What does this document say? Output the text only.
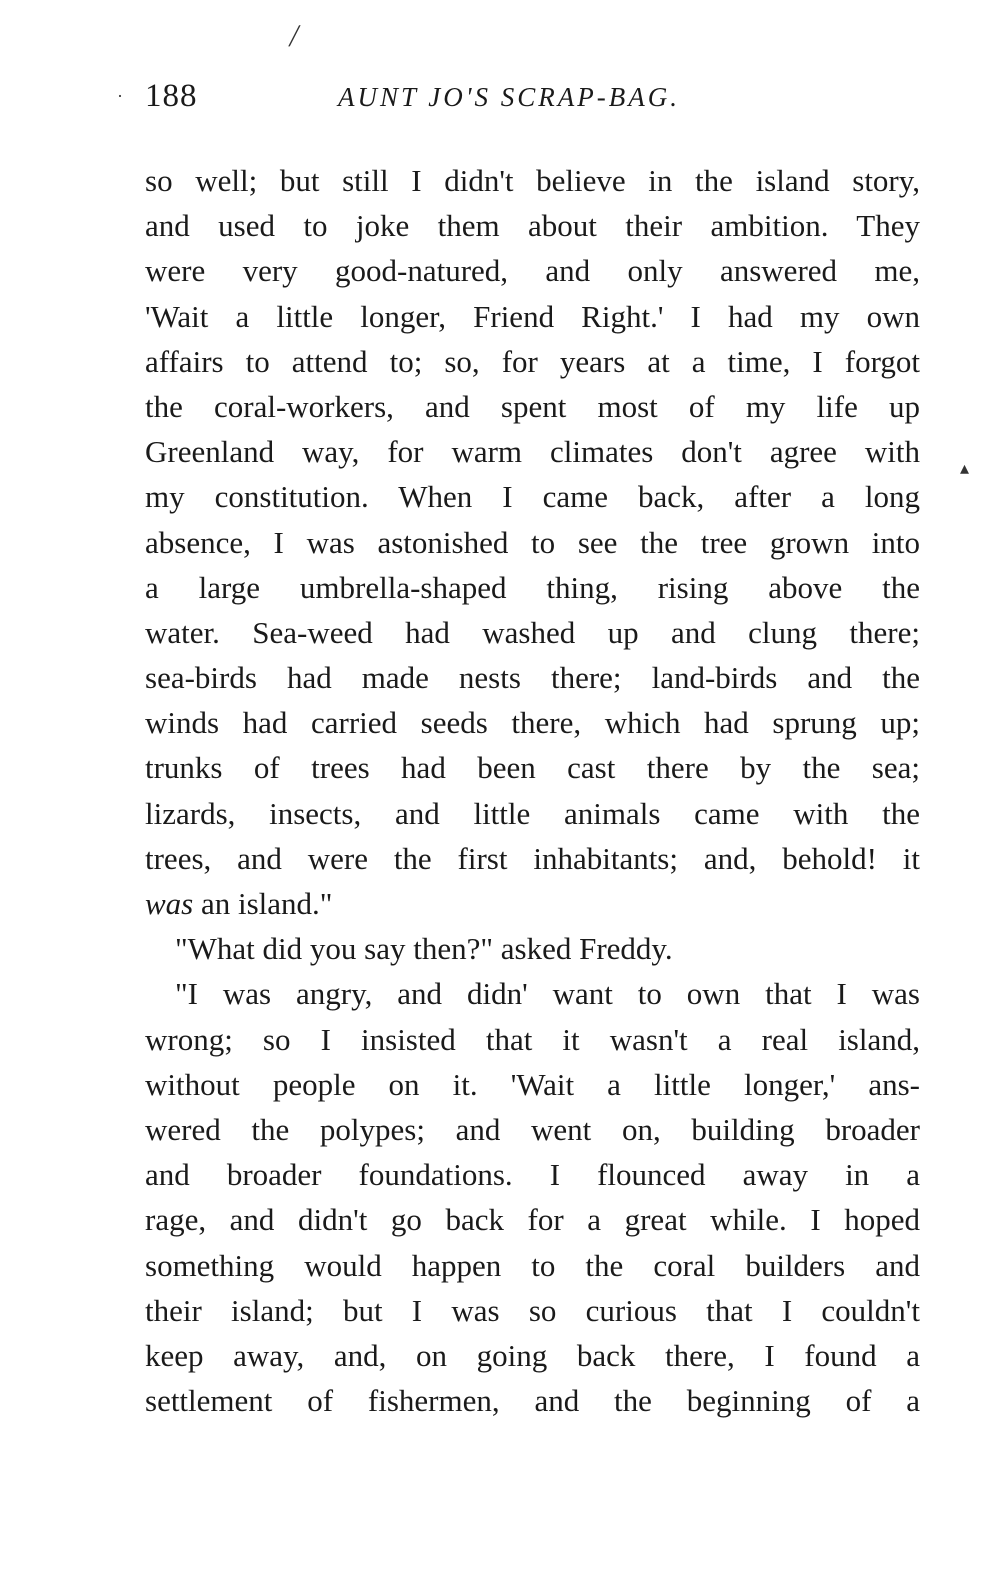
188	AUNT JO'S SCRAP-BAG.
so well; but still I didn't believe in the island story,
and used to joke them about their ambition. They
were very good-natured, and only answered me,
'Wait a little longer, Friend Right.' I had my own
affairs to attend to; so, for years at a time, I forgot
the coral-workers, and spent most of my life up
Greenland way, for warm climates don't agree with
my constitution. When I came back, after a long
absence, I was astonished to see the tree grown into
a large umbrella-shaped thing, rising above the
water. Sea-weed had washed up and clung there;
sea-birds had made nests there; land-birds and the
winds had carried seeds there, which had sprung up;
trunks of trees had been cast there by the sea;
lizards, insects, and little animals came with the
trees, and were the first inhabitants; and, behold! it
was an island."
"What did you say then?" asked Freddy.
"I was angry, and didn' want to own that I was
wrong; so I insisted that it wasn't a real island,
without people on it. 'Wait a little longer,' ans-
wered the polypes; and went on, building broader
and broader foundations. I flounced away in a
rage, and didn't go back for a great while. I hoped
something would happen to the coral builders and
their island; but I was so curious that I couldn't
keep away, and, on going back there, I found a
settlement of fishermen, and the beginning of a
╱
·
▴
